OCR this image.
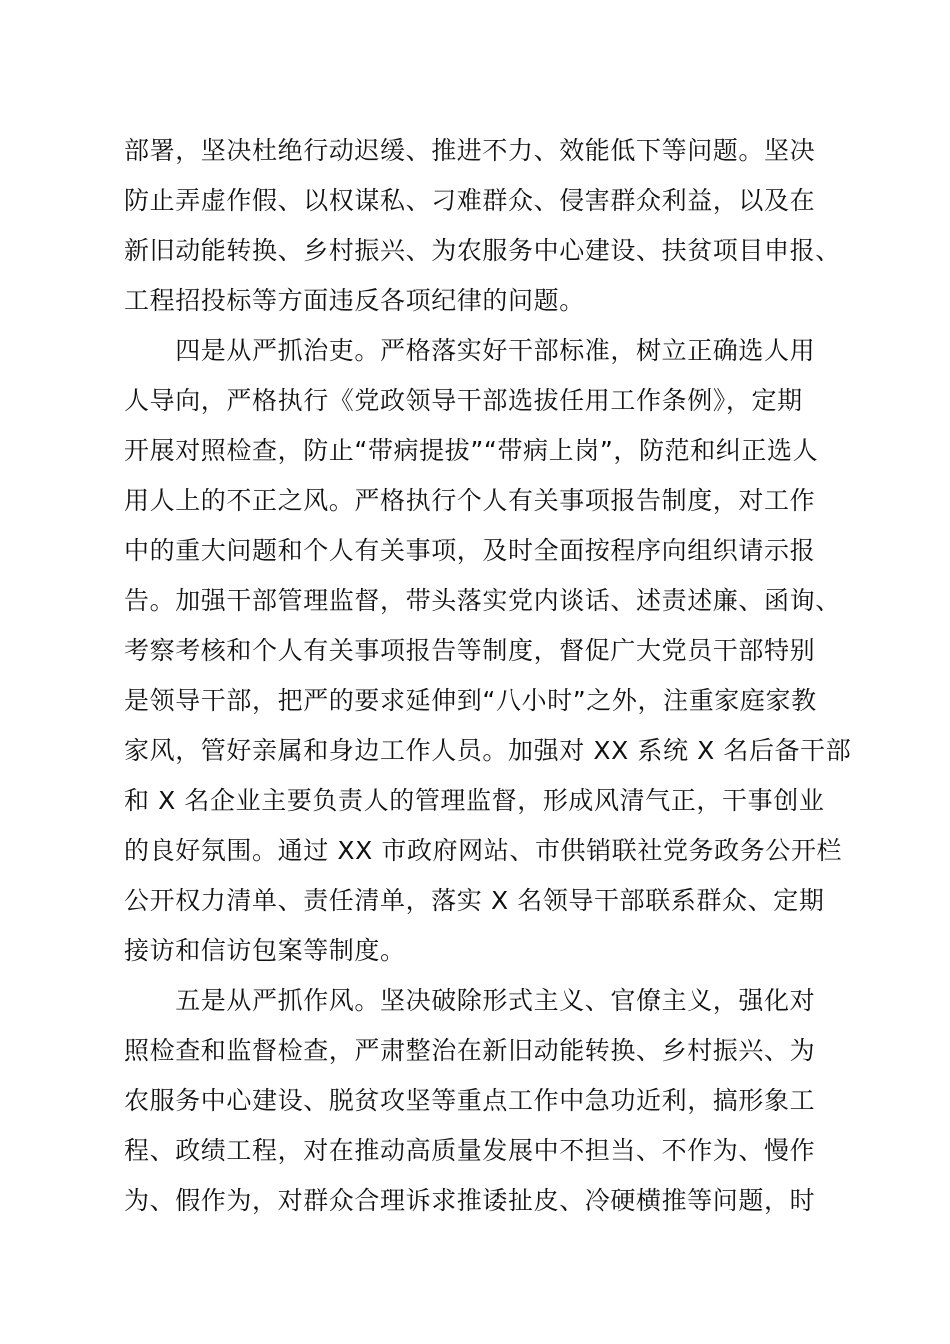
部署，坚决杜绝行动迟缓、推进不力、效能低下等问题。坚决
防止弄虚作假、以权谋私、刁难群众、侵害群众利益，以及在
新旧动能转换、乡村振兴、为农服务中心建设、扶贫项目申报、
工程招投标等方面违反各项纪律的问题。
　　四是从严抓治吏。严格落实好干部标准，树立正确选人用
人导向，严格执行《党政领导干部选拔任用工作条例》，定期
开展对照检查，防止“带病提拔”“带病上岗”，防范和纠正选人
用人上的不正之风。严格执行个人有关事项报告制度，对工作
中的重大问题和个人有关事项，及时全面按程序向组织请示报
告。加强干部管理监督，带头落实党内谈话、述责述廉、函询、
考察考核和个人有关事项报告等制度，督促广大党员干部特别
是领导干部，把严的要求延伸到“八小时”之外，注重家庭家教
家风，管好亲属和身边工作人员。加强对 XX 系统 X 名后备干部
和 X 名企业主要负责人的管理监督，形成风清气正，干事创业
的良好氛围。通过 XX 市政府网站、市供销联社党务政务公开栏
公开权力清单、责任清单，落实 X 名领导干部联系群众、定期
接访和信访包案等制度。
　　五是从严抓作风。坚决破除形式主义、官僚主义，强化对
照检查和监督检查，严肃整治在新旧动能转换、乡村振兴、为
农服务中心建设、脱贫攻坚等重点工作中急功近利，搞形象工
程、政绩工程，对在推动高质量发展中不担当、不作为、慢作
为、假作为，对群众合理诉求推诿扯皮、冷硬横推等问题，时
